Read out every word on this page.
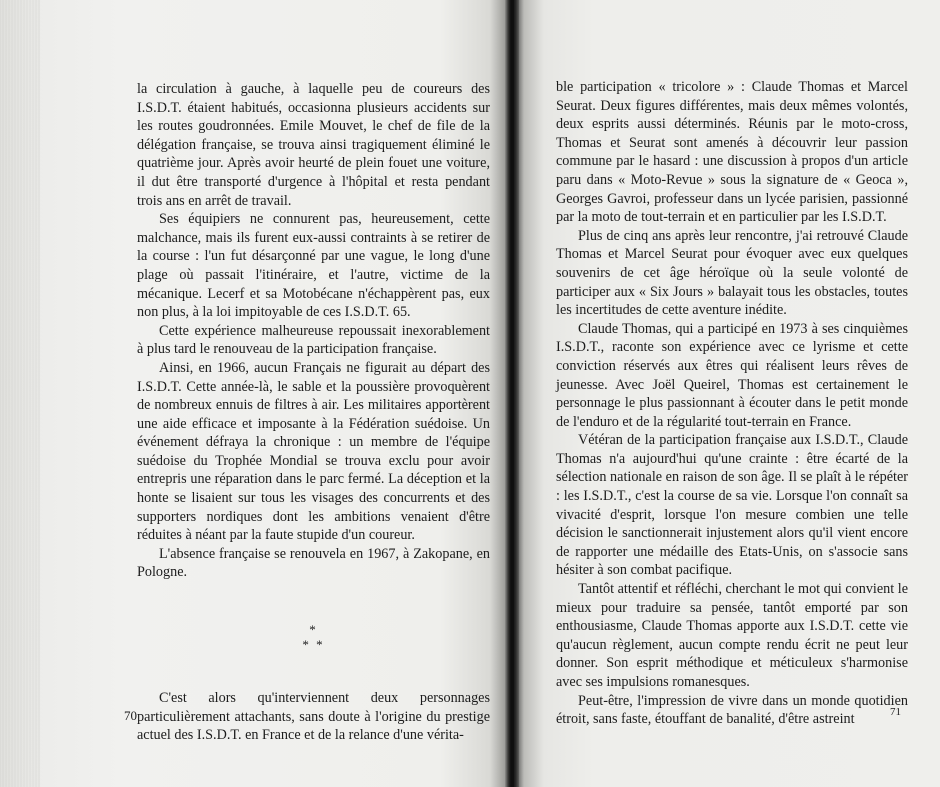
la circulation à gauche, à laquelle peu de coureurs des I.S.D.T. étaient habitués, occasionna plusieurs accidents sur les routes goudronnées. Emile Mouvet, le chef de file de la délégation française, se trouva ainsi tragiquement éliminé le quatrième jour. Après avoir heurté de plein fouet une voiture, il dut être transporté d'urgence à l'hôpital et resta pendant trois ans en arrêt de travail.

Ses équipiers ne connurent pas, heureusement, cette malchance, mais ils furent eux-aussi contraints à se retirer de la course : l'un fut désarçonné par une vague, le long d'une plage où passait l'itinéraire, et l'autre, victime de la mécanique. Lecerf et sa Motobécane n'échappèrent pas, eux non plus, à la loi impitoyable de ces I.S.D.T. 65.

Cette expérience malheureuse repoussait inexorablement à plus tard le renouveau de la participation française.

Ainsi, en 1966, aucun Français ne figurait au départ des I.S.D.T. Cette année-là, le sable et la poussière provoquèrent de nombreux ennuis de filtres à air. Les militaires apportèrent une aide efficace et imposante à la Fédération suédoise. Un événement défraya la chronique : un membre de l'équipe suédoise du Trophée Mondial se trouva exclu pour avoir entrepris une réparation dans le parc fermé. La déception et la honte se lisaient sur tous les visages des concurrents et des supporters nordiques dont les ambitions venaient d'être réduites à néant par la faute stupide d'un coureur.

L'absence française se renouvela en 1967, à Zakopane, en Pologne.

*
* *

C'est alors qu'interviennent deux personnages particulièrement attachants, sans doute à l'origine du prestige actuel des I.S.D.T. en France et de la relance d'une vérita-

70

ble participation « tricolore » : Claude Thomas et Marcel Seurat. Deux figures différentes, mais deux mêmes volontés, deux esprits aussi déterminés. Réunis par le moto-cross, Thomas et Seurat sont amenés à découvrir leur passion commune par le hasard : une discussion à propos d'un article paru dans « Moto-Revue » sous la signature de « Geoca », Georges Gavroi, professeur dans un lycée parisien, passionné par la moto de tout-terrain et en particulier par les I.S.D.T.

Plus de cinq ans après leur rencontre, j'ai retrouvé Claude Thomas et Marcel Seurat pour évoquer avec eux quelques souvenirs de cet âge héroïque où la seule volonté de participer aux « Six Jours » balayait tous les obstacles, toutes les incertitudes de cette aventure inédite.

Claude Thomas, qui a participé en 1973 à ses cinquièmes I.S.D.T., raconte son expérience avec ce lyrisme et cette conviction réservés aux êtres qui réalisent leurs rêves de jeunesse. Avec Joël Queirel, Thomas est certainement le personnage le plus passionnant à écouter dans le petit monde de l'enduro et de la régularité tout-terrain en France.

Vétéran de la participation française aux I.S.D.T., Claude Thomas n'a aujourd'hui qu'une crainte : être écarté de la sélection nationale en raison de son âge. Il se plaît à le répéter : les I.S.D.T., c'est la course de sa vie. Lorsque l'on connaît sa vivacité d'esprit, lorsque l'on mesure combien une telle décision le sanctionnerait injustement alors qu'il vient encore de rapporter une médaille des Etats-Unis, on s'associe sans hésiter à son combat pacifique.

Tantôt attentif et réfléchi, cherchant le mot qui convient le mieux pour traduire sa pensée, tantôt emporté par son enthousiasme, Claude Thomas apporte aux I.S.D.T. cette vie qu'aucun règlement, aucun compte rendu écrit ne peut leur donner. Son esprit méthodique et méticuleux s'harmonise avec ses impulsions romanesques.

Peut-être, l'impression de vivre dans un monde quotidien étroit, sans faste, étouffant de banalité, d'être astreint	71
